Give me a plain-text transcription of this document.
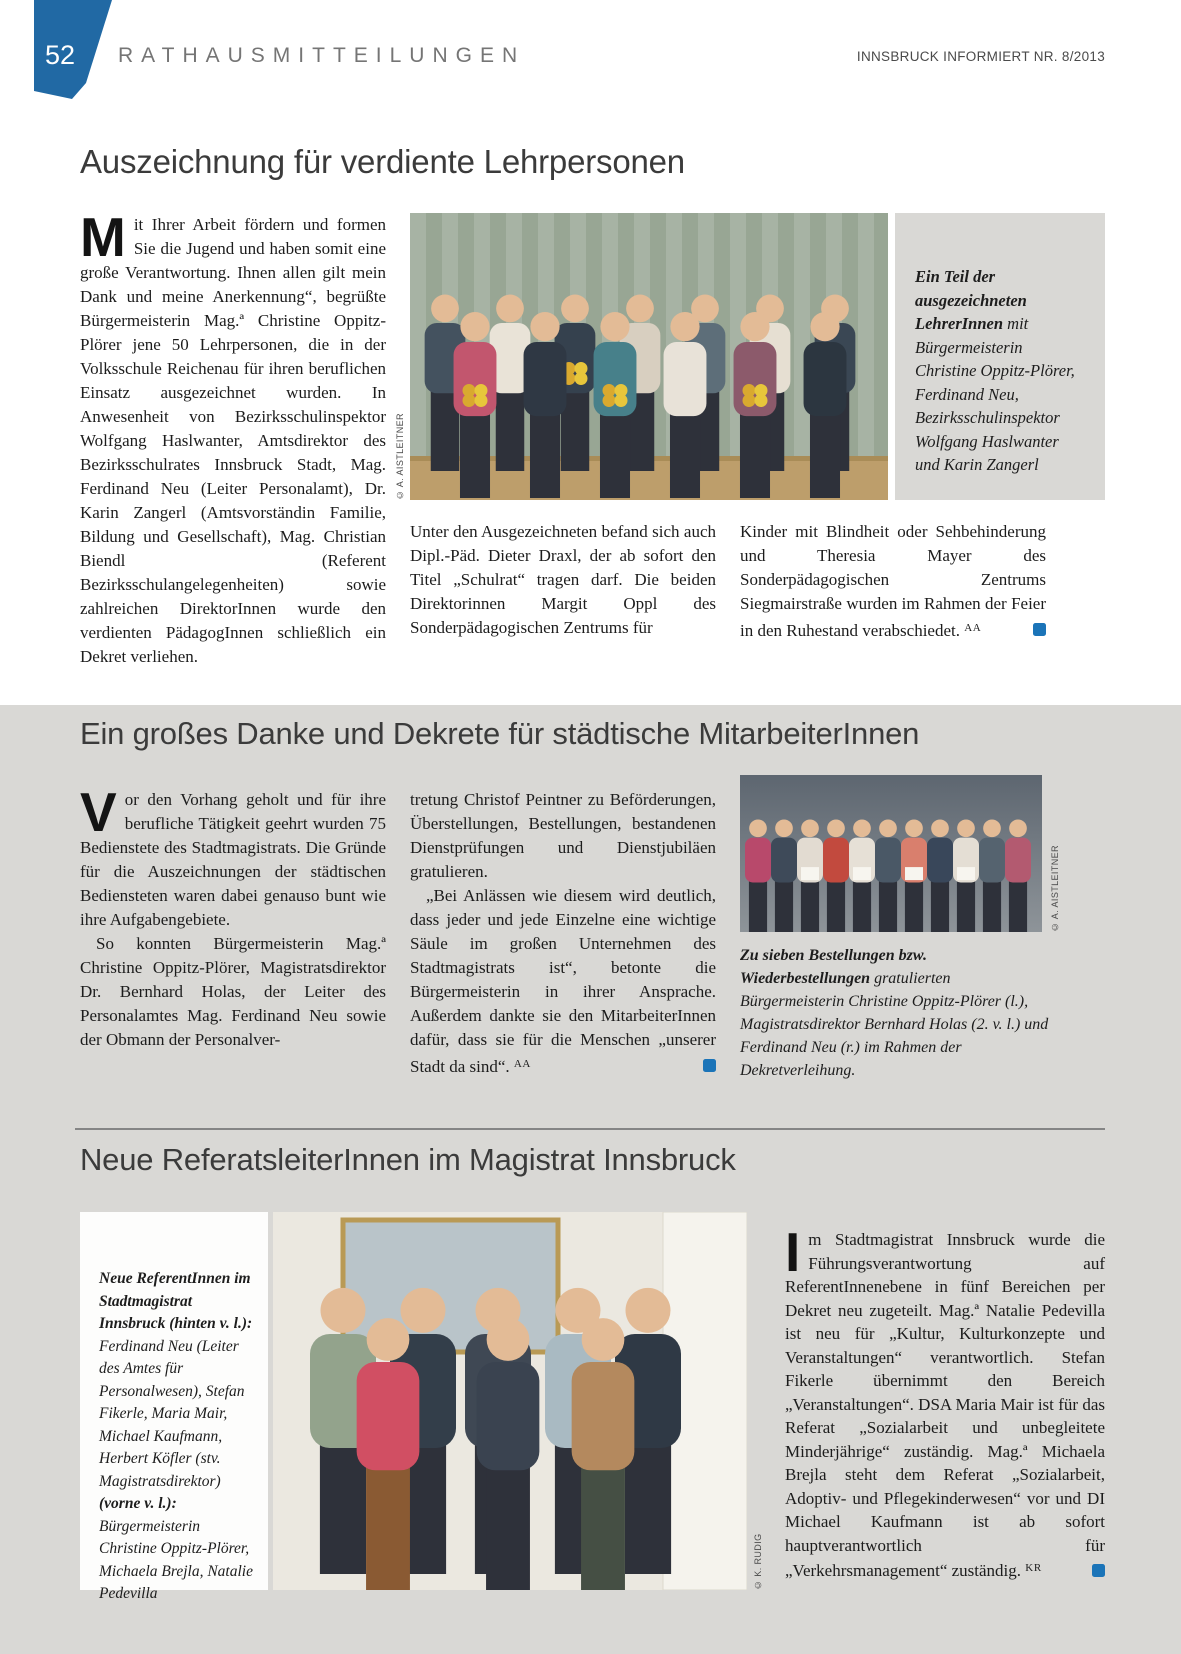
52 RATHAUSMITTEILUNGEN	INNSBRUCK INFORMIERT NR. 8/2013
Auszeichnung für verdiente Lehrpersonen

Mit Ihrer Arbeit fördern und formen Sie die Jugend und haben somit eine große Verantwortung. Ihnen allen gilt mein Dank und meine Anerkennung“, begrüßte Bürgermeisterin Mag.ª Christine Oppitz-Plörer jene 50 Lehrpersonen, die in der Volksschule Reichenau für ihren beruflichen Einsatz ausgezeichnet wurden. In Anwesenheit von Bezirksschulinspektor Wolfgang Haslwanter, Amtsdirektor des Bezirksschulrates Innsbruck Stadt, Mag. Ferdinand Neu (Leiter Personalamt), Dr. Karin Zangerl (Amtsvorständin Familie, Bildung und Gesellschaft), Mag. Christian Biendl (Referent Bezirksschulangelegenheiten) sowie zahlreichen DirektorInnen wurde den verdienten PädagogInnen schließlich ein Dekret verliehen.

© A. AISTLEITNER
Ein Teil der ausgezeichneten LehrerInnen mit Bürgermeisterin Christine Oppitz-Plörer, Ferdinand Neu, Bezirksschulinspektor Wolfgang Haslwanter und Karin Zangerl

Unter den Ausgezeichneten befand sich auch Dipl.-Päd. Dieter Draxl, der ab sofort den Titel „Schulrat“ tragen darf. Die beiden Direktorinnen Margit Oppl des Sonderpädagogischen Zentrums für

Kinder mit Blindheit oder Sehbehinderung und Theresia Mayer des Sonderpädagogischen Zentrums Siegmairstraße wurden im Rahmen der Feier in den Ruhestand verabschiedet. $^{AA}$

Ein großes Danke und Dekrete für städtische MitarbeiterInnen

Vor den Vorhang geholt und für ihre berufliche Tätigkeit geehrt wurden 75 Bedienstete des Stadtmagistrats. Die Gründe für die Auszeichnungen der städtischen Bediensteten waren dabei genauso bunt wie ihre Aufgabengebiete.

So konnten Bürgermeisterin Mag.ª Christine Oppitz-Plörer, Magistratsdirektor Dr. Bernhard Holas, der Leiter des Personalamtes Mag. Ferdinand Neu sowie der Obmann der Personalver-

tretung Christof Peintner zu Beförderungen, Überstellungen, Bestellungen, bestandenen Dienstprüfungen und Dienstjubiläen gratulieren.

„Bei Anlässen wie diesem wird deutlich, dass jeder und jede Einzelne eine wichtige Säule im großen Unternehmen des Stadtmagistrats ist“, betonte die Bürgermeisterin in ihrer Ansprache. Außerdem dankte sie den MitarbeiterInnen dafür, dass sie für die Menschen „unserer Stadt da sind“. $^{AA}$

© A. AISTLEITNER
Zu sieben Bestellungen bzw. Wiederbestellungen gratulierten Bürgermeisterin Christine Oppitz-Plörer (l.), Magistratsdirektor Bernhard Holas (2. v. l.) und Ferdinand Neu (r.) im Rahmen der Dekretverleihung.
Neue ReferatsleiterInnen im Magistrat Innsbruck
Neue ReferentInnen im Stadtmagistrat Innsbruck (hinten v. l.): Ferdinand Neu (Leiter des Amtes für Personalwesen), Stefan Fikerle, Maria Mair, Michael Kaufmann, Herbert Köfler (stv. Magistratsdirektor)
(vorne v. l.): Bürgermeisterin Christine Oppitz-Plörer, Michaela Brejla, Natalie Pedevilla
© K. RUDIG

Im Stadtmagistrat Innsbruck wurde die Führungsverantwortung auf ReferentInnenebene in fünf Bereichen per Dekret neu zugeteilt. Mag.ª Natalie Pedevilla ist neu für „Kultur, Kulturkonzepte und Veranstaltungen“ verantwortlich. Stefan Fikerle übernimmt den Bereich „Veranstaltungen“. DSA Maria Mair ist für das Referat „Sozialarbeit und unbegleitete Minderjährige“ zuständig. Mag.ª Michaela Brejla steht dem Referat „Sozialarbeit, Adoptiv- und Pflegekinderwesen“ vor und DI Michael Kaufmann ist ab sofort hauptverantwortlich für „Verkehrsmanagement“ zuständig. $^{KR}$
